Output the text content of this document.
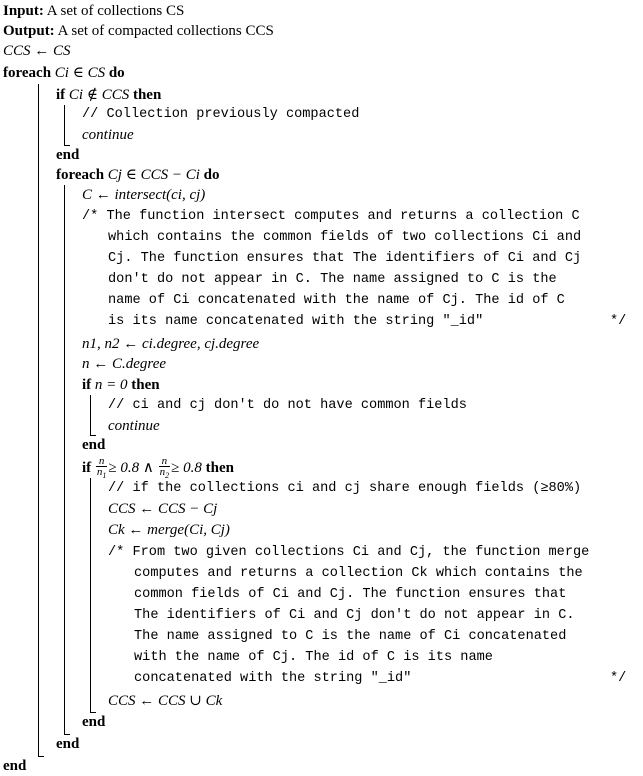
Input: A set of collections CS
Output: A set of compacted collections CCS
CCS ← CS
foreach Ci ∈ CS do
if Ci ∉ CCS then
// Collection previously compacted
continue
end
foreach Cj ∈ CCS − Ci do
C ← intersect(ci, cj)
/* The function intersect computes and returns a collection C
which contains the common fields of two collections Ci and
Cj. The function ensures that The identifiers of Ci and Cj
don't do not appear in C. The name assigned to C is the
name of Ci concatenated with the name of Cj. The id of C
is its name concatenated with the string "_id"	*/
n1, n2 ← ci.degree, cj.degree
n ← C.degree
if n = 0 then
// ci and cj don't do not have common fields
continue
end
if $\frac{n}{n_1} \ge 0.8$ ∧ $\frac{n}{n_2} \ge 0.8$ then
// if the collections ci and cj share enough fields (≥80%)
CCS ← CCS − Cj
Ck ← merge(Ci, Cj)
/* From two given collections Ci and Cj, the function merge
computes and returns a collection Ck which contains the
common fields of Ci and Cj. The function ensures that
The identifiers of Ci and Cj don't do not appear in C.
The name assigned to C is the name of Ci concatenated
with the name of Cj. The id of C is its name
concatenated with the string "_id"	*/
CCS ← CCS ∪ Ck
end
end
end
